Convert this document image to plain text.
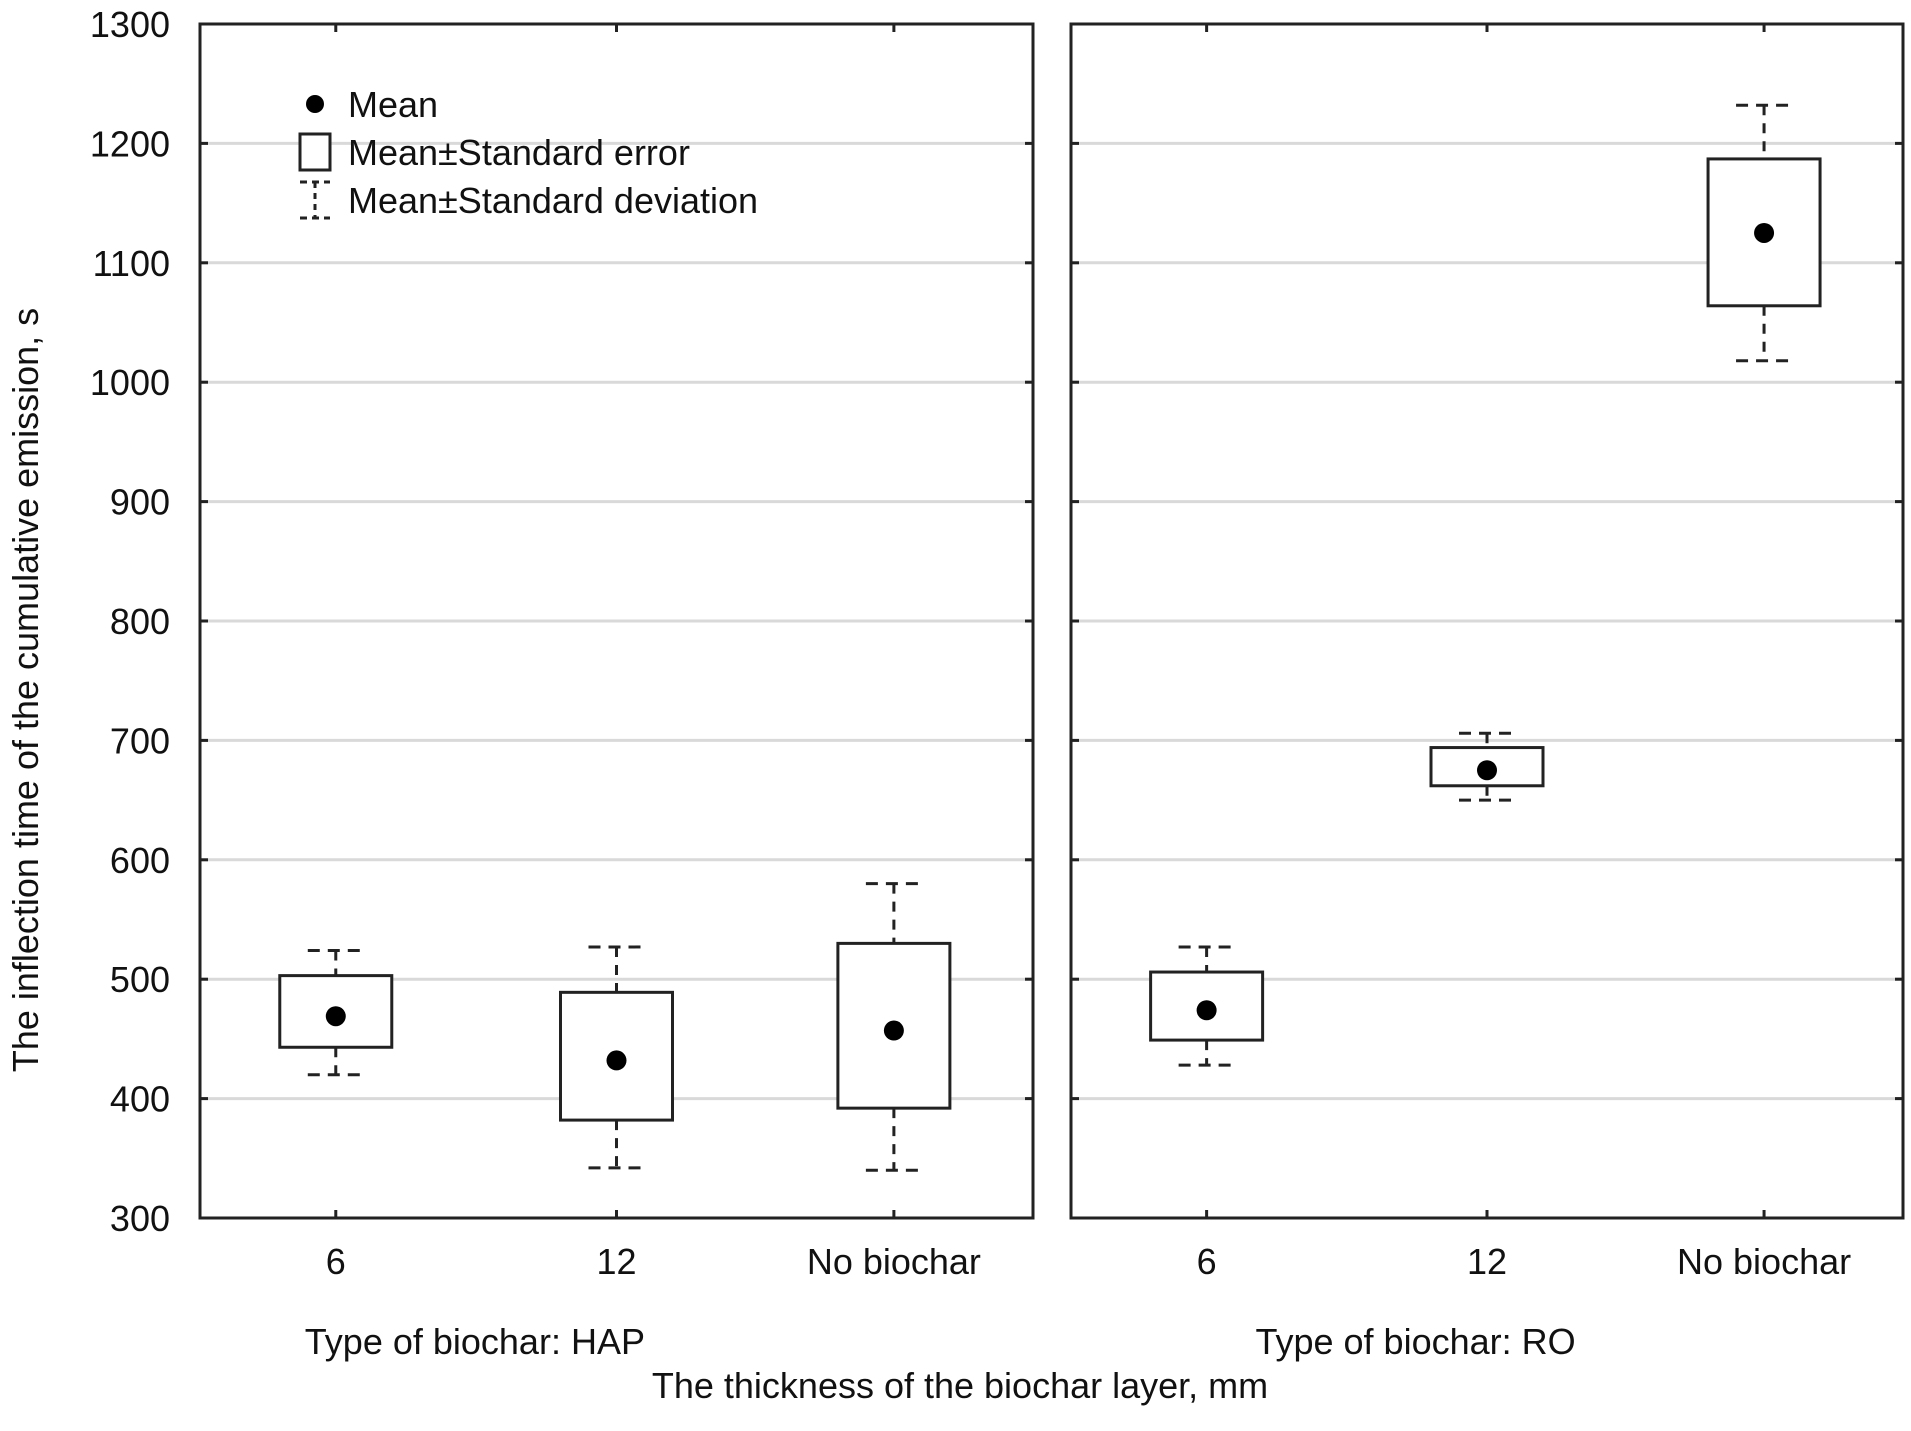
300
400
500
600
700
800
900
1000
1100
1200
1300
6	12	No biochar
Type of biochar: HAP
6	12	No biochar
Type of biochar: RO
Mean
Mean±Standard error
Mean±Standard deviation
The inflection time of the cumulative emission, s
The thickness of the biochar layer, mm
